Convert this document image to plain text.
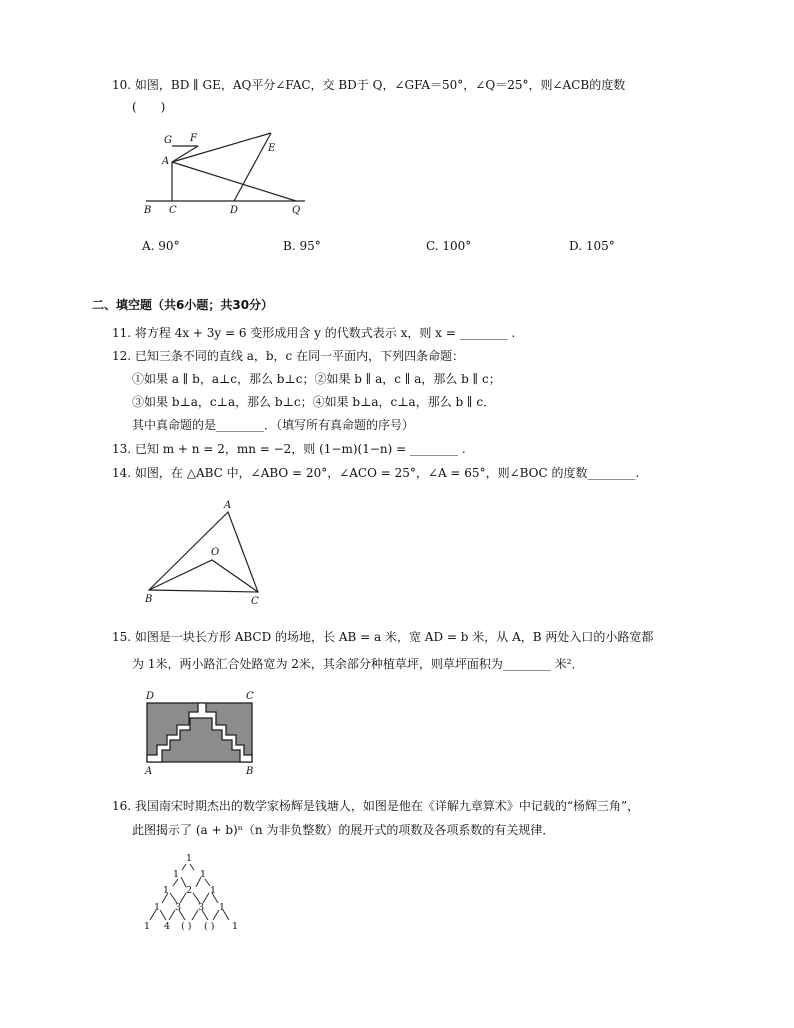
10. 如图，BD ∥ GE，AQ平分∠FAC，交 BD于 Q，∠GFA＝50°，∠Q＝25°，则∠ACB的度数
(　　)
G F
E
A
B C	D	Q
A. 90°	B. 95°	C. 100°	D. 105°
二、填空题（共6小题；共30分）
11. 将方程 4x + 3y = 6 变形成用含 y 的代数式表示 x，则 x = ________ .
12. 已知三条不同的直线 a，b，c 在同一平面内，下列四条命题：
①如果 a ∥ b，a⊥c，那么 b⊥c；②如果 b ∥ a，c ∥ a，那么 b ∥ c；
③如果 b⊥a，c⊥a，那么 b⊥c；④如果 b⊥a，c⊥a，那么 b ∥ c．
其中真命题的是________．（填写所有真命题的序号）
13. 已知 m + n = 2，mn = −2，则 (1−m)(1−n) = ________ .
14. 如图，在 △ABC 中，∠ABO = 20°，∠ACO = 25°，∠A = 65°，则∠BOC 的度数________.
A
O
B	C
15. 如图是一块长方形 ABCD 的场地，长 AB = a 米，宽 AD = b 米，从 A，B 两处入口的小路宽都
为 1米，两小路汇合处路宽为 2米，其余部分种植草坪，则草坪面积为________ 米²．
D	C
A	B
16. 我国南宋时期杰出的数学家杨辉是钱塘人，如图是他在《详解九章算术》中记载的“杨辉三角”，
此图揭示了 (a + b)ⁿ（n 为非负整数）的展开式的项数及各项系数的有关规律．
1
1 1
1 2 1
1 3 3 1
1 4 ( ) ( ) 1
